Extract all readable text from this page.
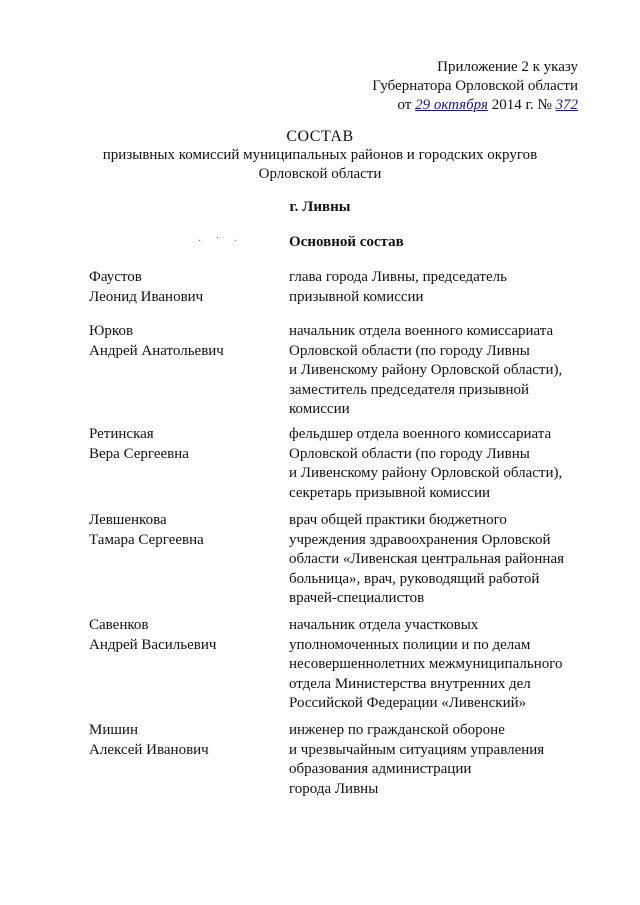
Приложение 2 к указу
Губернатора Орловской области
от 29 октября 2014 г. № 372
СОСТАВ
призывных комиссий муниципальных районов и городских округов
Орловской области
г. Ливны
· ˙ ·	Основной состав
Фаустов
Леонид Иванович
глава города Ливны, председатель
призывной комиссии
Юрков
Андрей Анатольевич
начальник отдела военного комиссариата
Орловской области (по городу Ливны
и Ливенскому району Орловской области),
заместитель председателя призывной
комиссии
Ретинская
Вера Сергеевна
фельдшер отдела военного комиссариата
Орловской области (по городу Ливны
и Ливенскому району Орловской области),
секретарь призывной комиссии
Левшенкова
Тамара Сергеевна
врач общей практики бюджетного
учреждения здравоохранения Орловской
области «Ливенская центральная районная
больница», врач, руководящий работой
врачей-специалистов
Савенков
Андрей Васильевич
начальник отдела участковых
уполномоченных полиции и по делам
несовершеннолетних межмуниципального
отдела Министерства внутренних дел
Российской Федерации «Ливенский»
Мишин
Алексей Иванович
инженер по гражданской обороне
и чрезвычайным ситуациям управления
образования администрации
города Ливны
